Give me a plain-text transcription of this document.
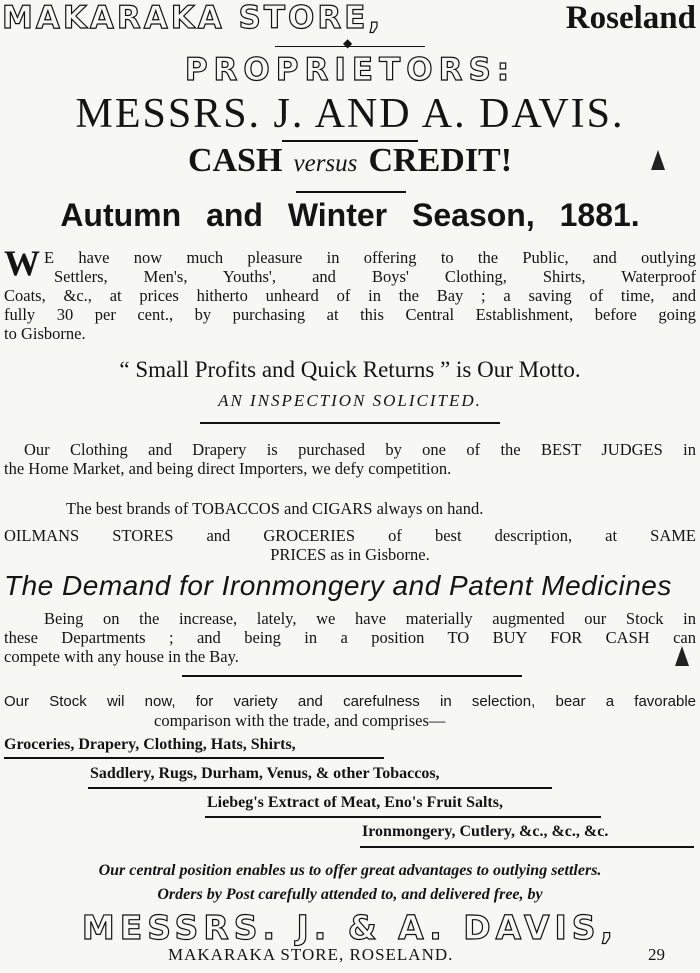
MAKARAKA STORE,	Roseland
◆
PROPRIETORS:
MESSRS. J. AND A. DAVIS.
CASH versus CREDIT!
Autumn and Winter Season, 1881.
W E have now much pleasure in offering to the Public, and outlying
Settlers, Men's, Youths', and Boys' Clothing, Shirts, Waterproof
Coats, &c., at prices hitherto unheard of in the Bay ; a saving of time, and
fully 30 per cent., by purchasing at this Central Establishment, before going
to Gisborne.
“ Small Profits and Quick Returns ” is Our Motto.
AN INSPECTION SOLICITED.
Our Clothing and Drapery is purchased by one of the BEST JUDGES in
the Home Market, and being direct Importers, we defy competition.
The best brands of TOBACCOS and CIGARS always on hand.
OILMANS STORES and GROCERIES of best description, at SAME
PRICES as in Gisborne.
The Demand for Ironmongery and Patent Medicines
Being on the increase, lately, we have materially augmented our Stock in
these Departments ; and being in a position TO BUY FOR CASH can
compete with any house in the Bay.
Our Stock wil now, for variety and carefulness in selection, bear a favorable
comparison with the trade, and comprises—
Groceries, Drapery, Clothing, Hats, Shirts,
Saddlery, Rugs, Durham, Venus, & other Tobaccos,
Liebeg's Extract of Meat, Eno's Fruit Salts,
Ironmongery, Cutlery, &c., &c., &c.
Our central position enables us to offer great advantages to outlying settlers.
Orders by Post carefully attended to, and delivered free, by
MESSRS. J. & A. DAVIS,
MAKARAKA STORE, ROSELAND.	29
